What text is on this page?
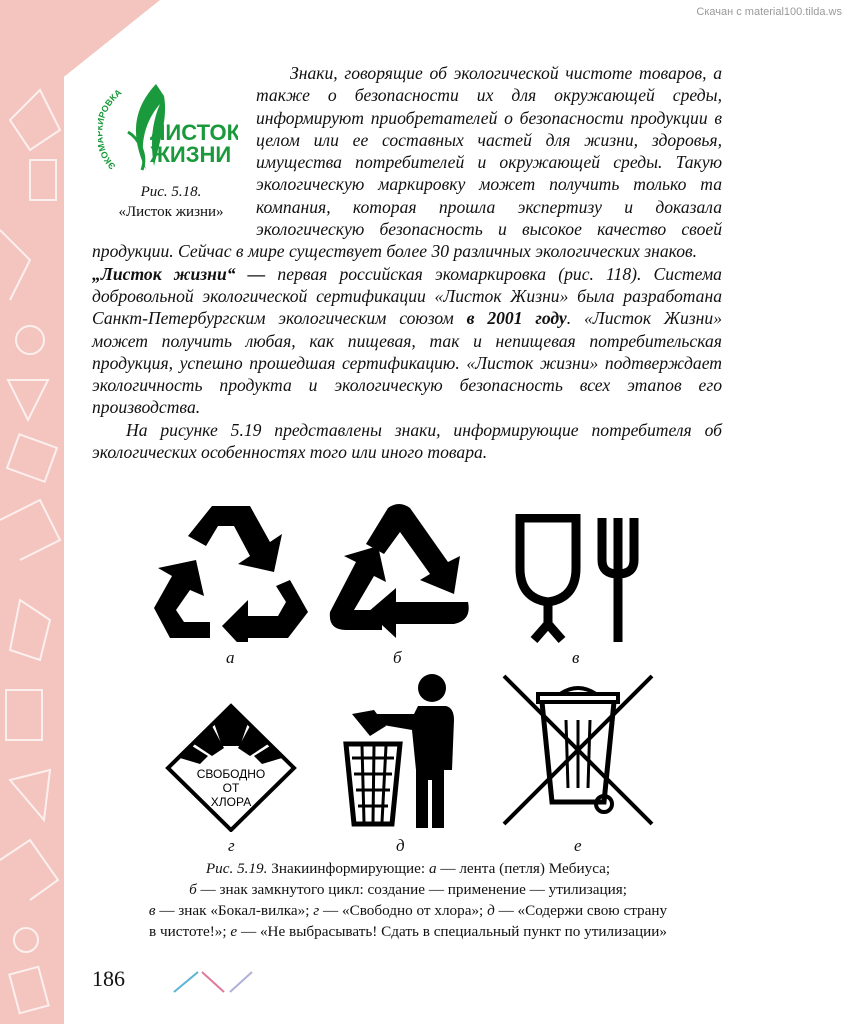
Скачан с material100.tilda.ws
ЭКО ОВКА
ЛИСТОК
ЖИЗНИ
Рис. 5.18.
«Листок жизни»

Знаки, говорящие об экологической чистоте товаров, а также о безопасности их для окружающей среды, информируют приобретателей о безопасности продукции в целом или ее составных частей для жизни, здоровья, имущества потребителей и окружающей среды. Такую экологическую маркировку может получить только та компания, которая прошла экспертизу и доказала экологическую безопасность и высокое качество своей продукции. Сейчас в мире существует более 30 различных экологических знаков.

„Листок жизни“ — первая российская экомаркировка (рис. 118). Система добровольной экологической сертификации «Листок Жизни» была разработана Санкт-Петербургским экологическим союзом в 2001 году. «Листок Жизни» может получить любая, как пищевая, так и непищевая потребительская продукция, успешно прошедшая сертификацию. «Листок жизни» подтверждает экологичность продукта и экологическую безопасность всех этапов его производства.

На рисунке 5.19 представлены знаки, информирующие потребителя об экологических особенностях того или иного товара.

а	б	в
СВОБОДНО
ОТ
ХЛОРА
г	д	е
Рис. 5.19. Знакиинформирующие: а — лента (петля) Мебиуса;
б — знак замкнутого цикл: создание — применение — утилизация;
в — знак «Бокал-вилка»; г — «Свободно от хлора»; д — «Содержи свою страну
в чистоте!»; е — «Не выбрасывать! Сдать в специальный пункт по утилизации»
186
